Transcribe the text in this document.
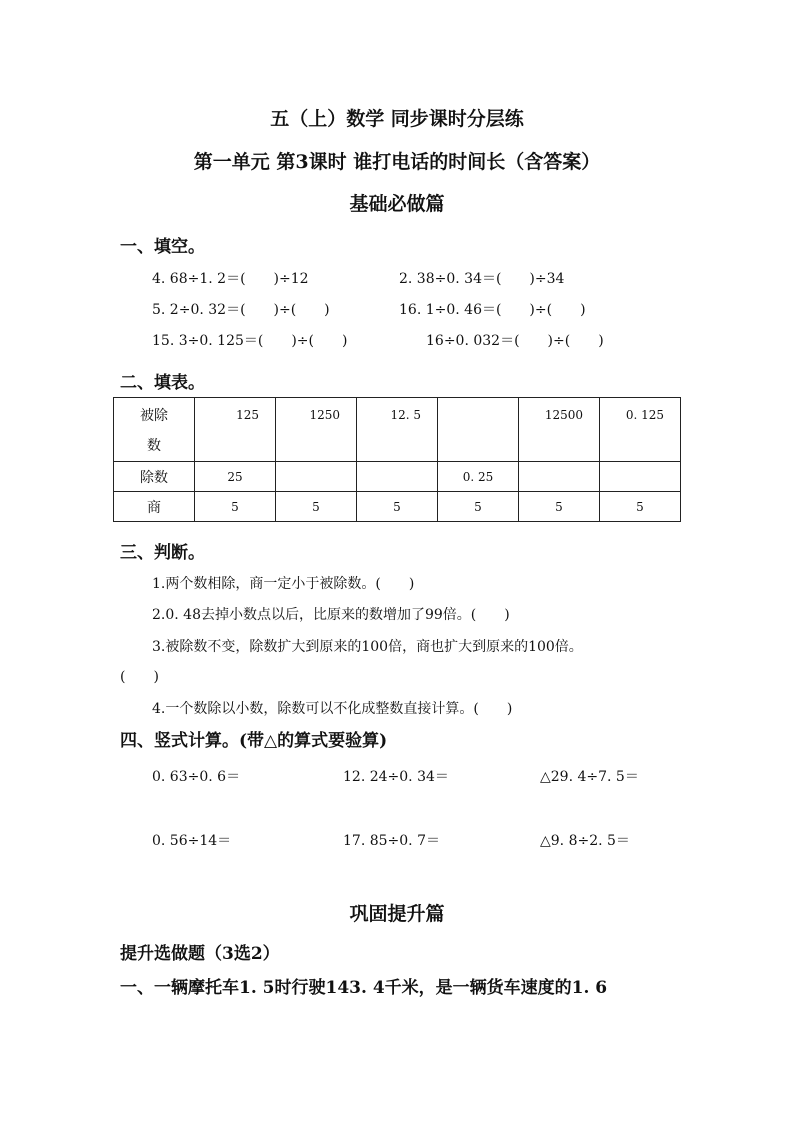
五（上）数学 同步课时分层练
第一单元 第3课时 谁打电话的时间长（含答案）
基础必做篇
一、填空。
4. 68÷1. 2＝(　　)÷12	2. 38÷0. 34＝(　　)÷34
5. 2÷0. 32＝(　　)÷(　　)	16. 1÷0. 46＝(　　)÷(　　)
15. 3÷0. 125＝(　　)÷(　　)	16÷0. 032＝(　　)÷(　　)
二、填表。
被除
数	125	1250	12. 5		12500	0. 125
除数	25			0. 25		
商	5	5	5	5	5	5
三、判断。
1.两个数相除，商一定小于被除数。(　　)
2.0. 48去掉小数点以后，比原来的数增加了99倍。(　　)
3.被除数不变，除数扩大到原来的100倍，商也扩大到原来的100倍。
(　　)
4.一个数除以小数，除数可以不化成整数直接计算。(　　)
四、竖式计算。(带△的算式要验算)
0. 63÷0. 6＝	12. 24÷0. 34＝	△29. 4÷7. 5＝
0. 56÷14＝	17. 85÷0. 7＝	△9. 8÷2. 5＝
巩固提升篇
提升选做题（3选2）
一、一辆摩托车1. 5时行驶143. 4千米，是一辆货车速度的1. 6
